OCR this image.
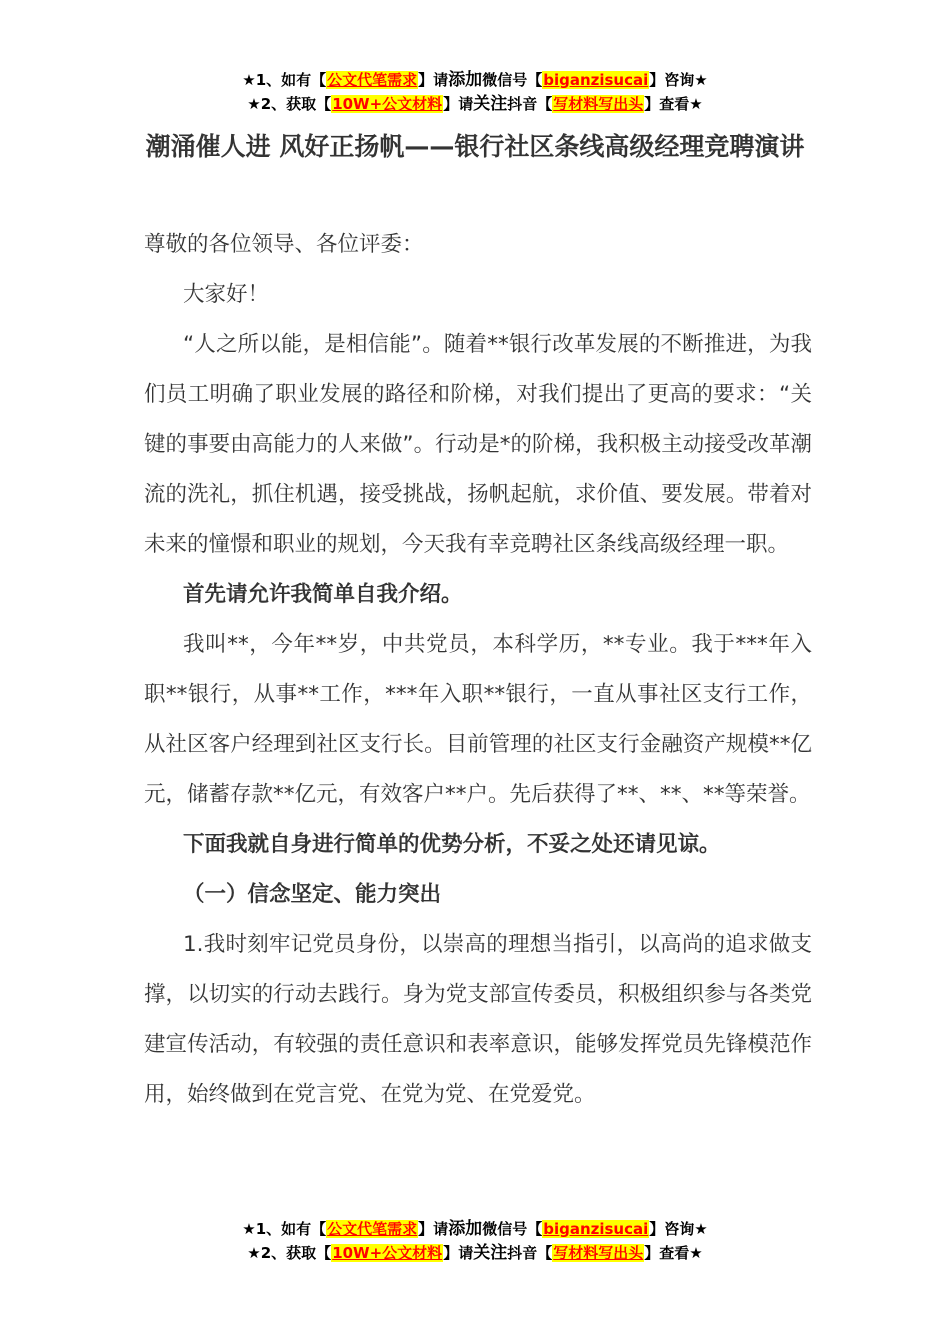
★1、如有【公文代笔需求】请添加微信号【biganzisucai】咨询★
★2、获取【10W+公文材料】请关注抖音【写材料写出头】查看★
潮涌催人进 风好正扬帆——银行社区条线高级经理竞聘演讲

尊敬的各位领导、各位评委：

大家好！

“人之所以能，是相信能”。随着**银行改革发展的不断推进，为我们员工明确了职业发展的路径和阶梯，对我们提出了更高的要求：“关键的事要由高能力的人来做”。行动是*的阶梯，我积极主动接受改革潮流的洗礼，抓住机遇，接受挑战，扬帆起航，求价值、要发展。带着对未来的憧憬和职业的规划，今天我有幸竞聘社区条线高级经理一职。

首先请允许我简单自我介绍。

我叫**，今年**岁，中共党员，本科学历，**专业。我于***年入职**银行，从事**工作，***年入职**银行，一直从事社区支行工作，从社区客户经理到社区支行长。目前管理的社区支行金融资产规模**亿元，储蓄存款**亿元，有效客户**户。先后获得了**、**、**等荣誉。

下面我就自身进行简单的优势分析，不妥之处还请见谅。

（一）信念坚定、能力突出

1.我时刻牢记党员身份，以崇高的理想当指引，以高尚的追求做支撑，以切实的行动去践行。身为党支部宣传委员，积极组织参与各类党建宣传活动，有较强的责任意识和表率意识，能够发挥党员先锋模范作用，始终做到在党言党、在党为党、在党爱党。

★1、如有【公文代笔需求】请添加微信号【biganzisucai】咨询★
★2、获取【10W+公文材料】请关注抖音【写材料写出头】查看★
